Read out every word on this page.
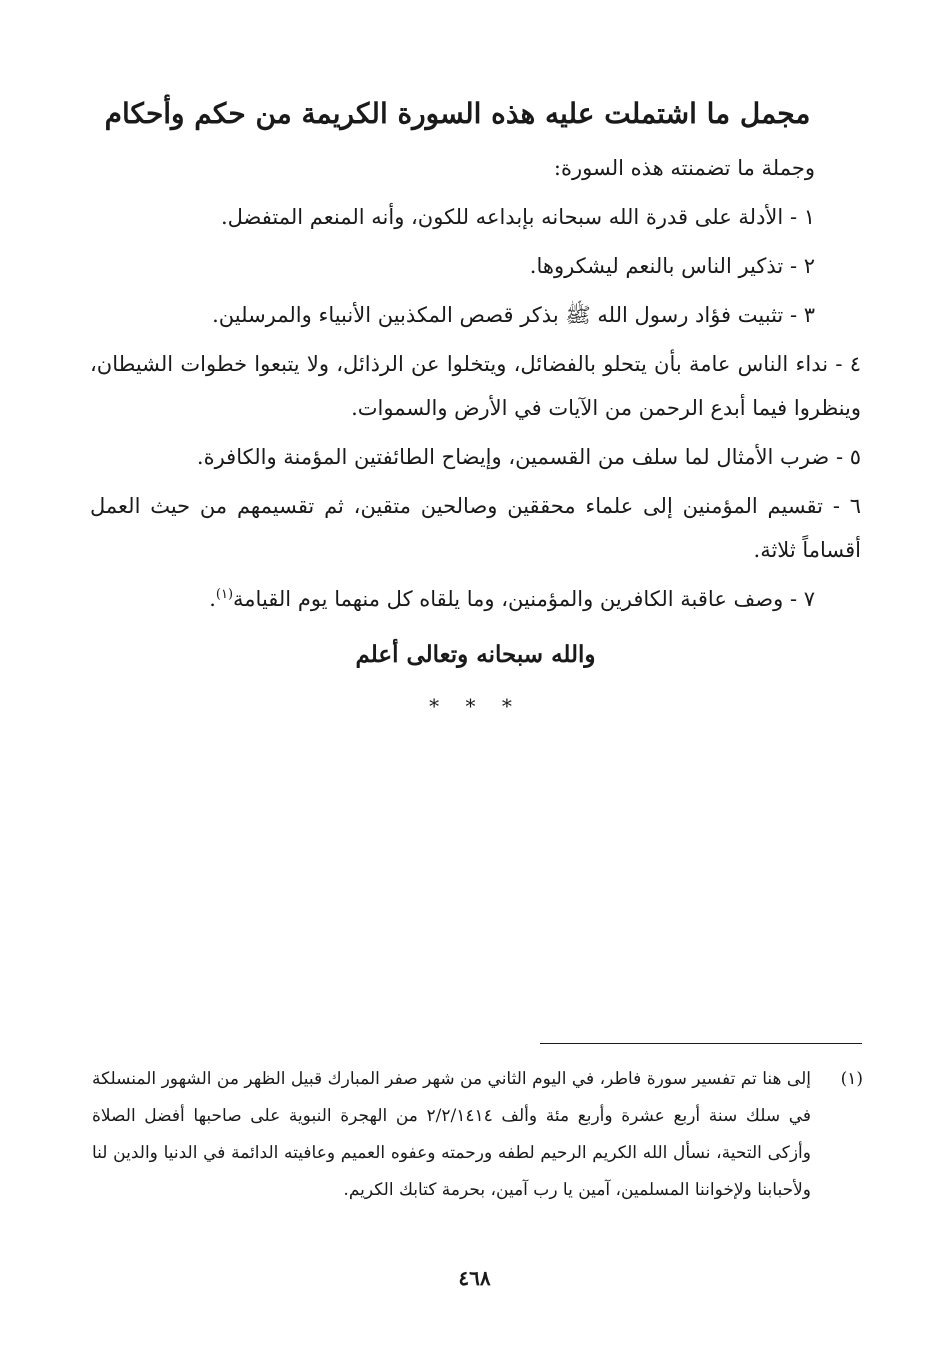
مجمل ما اشتملت عليه هذه السورة الكريمة من حكم وأحكام

وجملة ما تضمنته هذه السورة:

١ - الأدلة على قدرة الله سبحانه بإبداعه للكون، وأنه المنعم المتفضل.

٢ - تذكير الناس بالنعم ليشكروها.

٣ - تثبيت فؤاد رسول الله ﷺ بذكر قصص المكذبين الأنبياء والمرسلين.

٤ - نداء الناس عامة بأن يتحلو بالفضائل، ويتخلوا عن الرذائل، ولا يتبعوا خطوات الشيطان، وينظروا فيما أبدع الرحمن من الآيات في الأرض والسموات.

٥ - ضرب الأمثال لما سلف من القسمين، وإيضاح الطائفتين المؤمنة والكافرة.

٦ - تقسيم المؤمنين إلى علماء محققين وصالحين متقين، ثم تقسيمهم من حيث العمل أقساماً ثلاثة.

٧ - وصف عاقبة الكافرين والمؤمنين، وما يلقاه كل منهما يوم القيامة$^{(١)}$.

والله سبحانه وتعالى أعلم

* * *

(١)
إلى هنا تم تفسير سورة فاطر، في اليوم الثاني من شهر صفر المبارك قبيل الظهر من الشهور المنسلكة في سلك سنة أربع عشرة وأربع مئة وألف ٢/٢/١٤١٤ من الهجرة النبوية على صاحبها أفضل الصلاة وأزكى التحية، نسأل الله الكريم الرحيم لطفه ورحمته وعفوه العميم وعافيته الدائمة في الدنيا والدين لنا ولأحبابنا ولإخواننا المسلمين، آمين يا رب آمين، بحرمة كتابك الكريم.
٤٦٨
